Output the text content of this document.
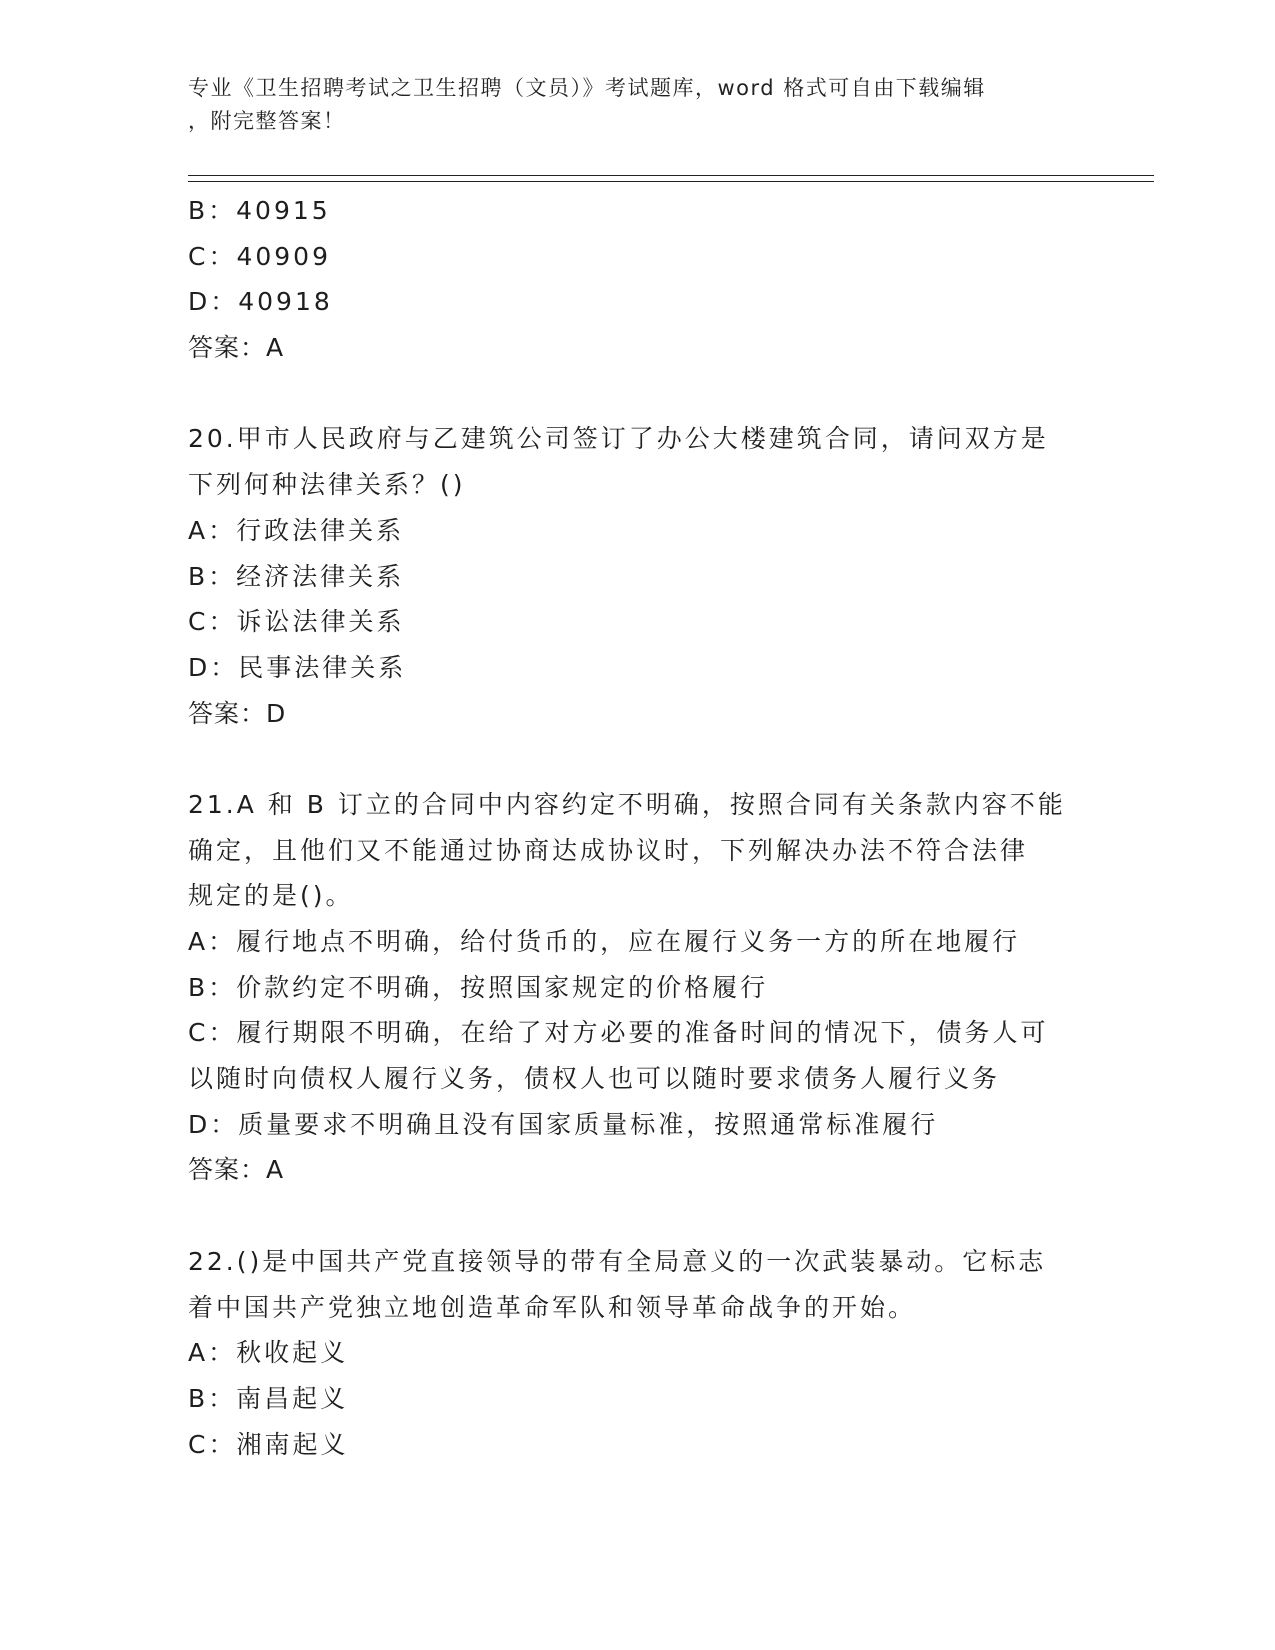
专业《卫生招聘考试之卫生招聘（文员）》考试题库，word 格式可自由下载编辑
，附完整答案！
B：40915
C：40909
D：40918
答案：A
20.甲市人民政府与乙建筑公司签订了办公大楼建筑合同，请问双方是
下列何种法律关系？()
A：行政法律关系
B：经济法律关系
C：诉讼法律关系
D：民事法律关系
答案：D
21.A 和 B 订立的合同中内容约定不明确，按照合同有关条款内容不能
确定，且他们又不能通过协商达成协议时，下列解决办法不符合法律
规定的是()。
A：履行地点不明确，给付货币的，应在履行义务一方的所在地履行
B：价款约定不明确，按照国家规定的价格履行
C：履行期限不明确，在给了对方必要的准备时间的情况下，债务人可
以随时向债权人履行义务，债权人也可以随时要求债务人履行义务
D：质量要求不明确且没有国家质量标准，按照通常标准履行
答案：A
22.()是中国共产党直接领导的带有全局意义的一次武装暴动。它标志
着中国共产党独立地创造革命军队和领导革命战争的开始。
A：秋收起义
B：南昌起义
C：湘南起义
